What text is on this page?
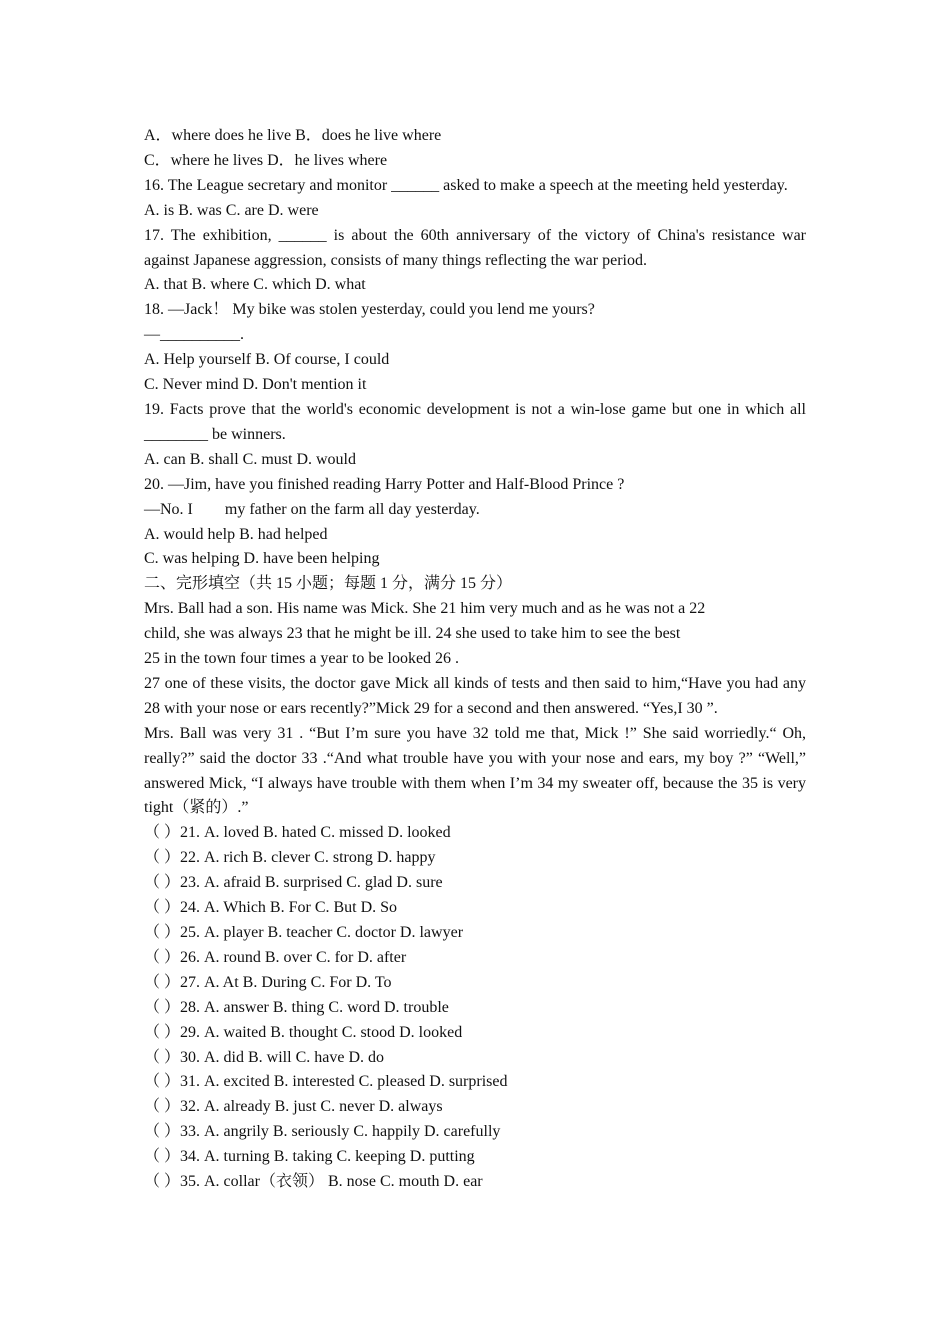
A．where does he live B．does he live where
C．where he lives D．he lives where
16. The League secretary and monitor ______ asked to make a speech at the meeting held yesterday.
A. is B. was C. are D. were
17. The exhibition, ______ is about the 60th anniversary of the victory of China's resistance war against Japanese aggression, consists of many things reflecting the war period.
A. that B. where C. which D. what
18. —Jack！ My bike was stolen yesterday, could you lend me yours?
—__________.
A. Help yourself B. Of course, I could
C. Never mind D. Don't mention it
19. Facts prove that the world's economic development is not a win-lose game but one in which all ________ be winners.
A. can B. shall C. must D. would
20. —Jim, have you finished reading Harry Potter and Half-Blood Prince ?
—No. I        my father on the farm all day yesterday.
A. would help B. had helped
C. was helping D. have been helping
二、完形填空（共 15 小题；每题 1 分，满分 15 分）
Mrs. Ball had a son. His name was Mick. She 21 him very much and as he was not a 22
child, she was always 23 that he might be ill. 24 she used to take him to see the best
25 in the town four times a year to be looked 26 .
27 one of these visits, the doctor gave Mick all kinds of tests and then said to him,“Have you had any 28 with your nose or ears recently?”Mick 29 for a second and then answered. “Yes,I 30 ”.
Mrs. Ball was very 31 . “But I’m sure you have 32 told me that, Mick !” She said worriedly.“ Oh, really?” said the doctor 33 .“And what trouble have you with your nose and ears, my boy ?” “Well,” answered Mick, “I always have trouble with them when I’m 34 my sweater off, because the 35 is very tight（紧的）.”
（ ）21. A. loved B. hated C. missed D. looked
（ ）22. A. rich B. clever C. strong D. happy
（ ）23. A. afraid B. surprised C. glad D. sure
（ ）24. A. Which B. For C. But D. So
（ ）25. A. player B. teacher C. doctor D. lawyer
（ ）26. A. round B. over C. for D. after
（ ）27. A. At B. During C. For D. To
（ ）28. A. answer B. thing C. word D. trouble
（ ）29. A. waited B. thought C. stood D. looked
（ ）30. A. did B. will C. have D. do
（ ）31. A. excited B. interested C. pleased D. surprised
（ ）32. A. already B. just C. never D. always
（ ）33. A. angrily B. seriously C. happily D. carefully
（ ）34. A. turning B. taking C. keeping D. putting
（ ）35. A. collar（衣领） B. nose C. mouth D. ear
